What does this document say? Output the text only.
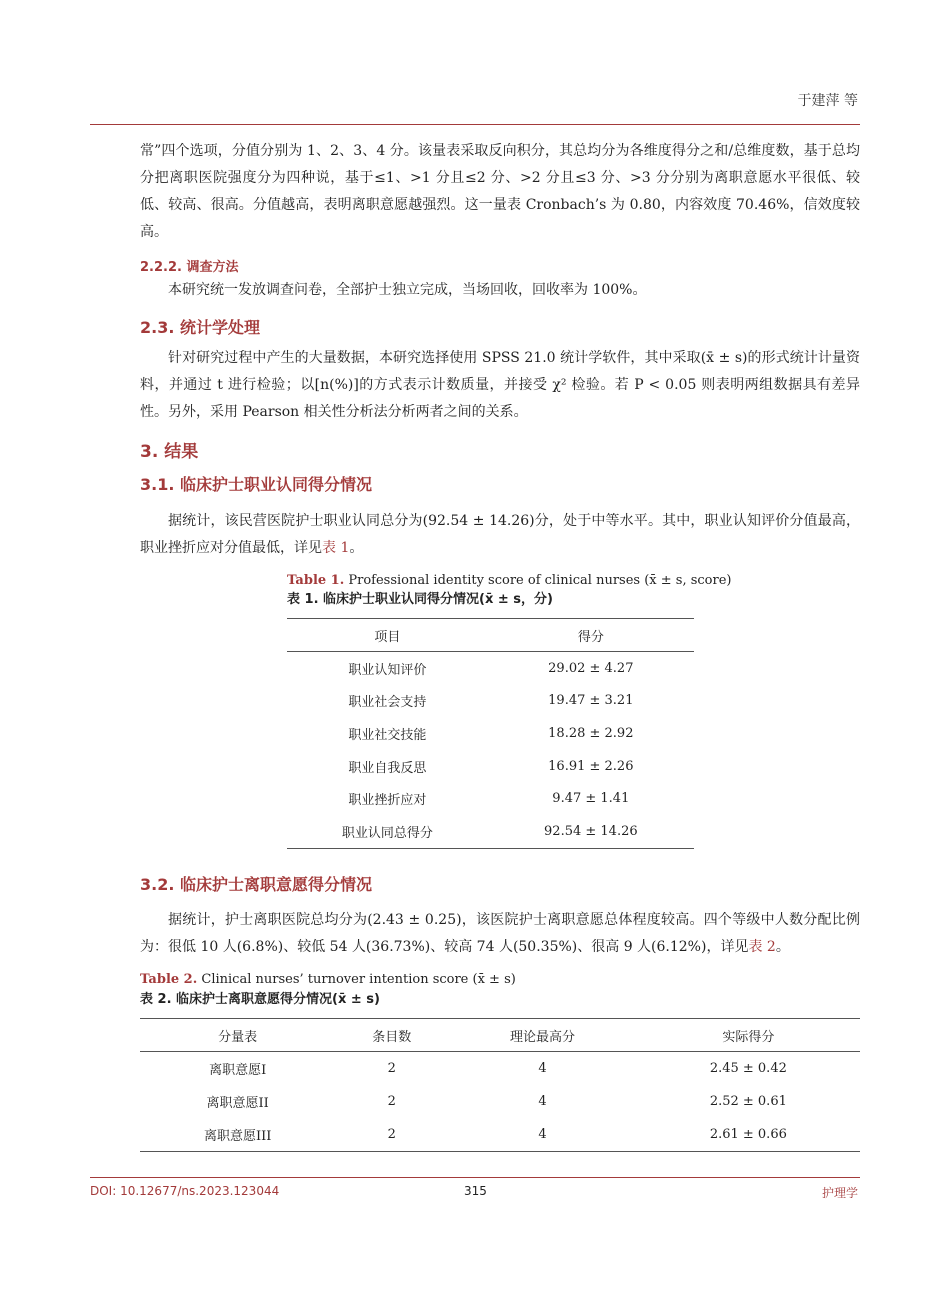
于建萍 等

常”四个选项，分值分别为 1、2、3、4 分。该量表采取反向积分，其总均分为各维度得分之和/总维度数，基于总均分把离职医院强度分为四种说，基于≤1、>1 分且≤2 分、>2 分且≤3 分、>3 分分别为离职意愿水平很低、较低、较高、很高。分值越高，表明离职意愿越强烈。这一量表 Cronbach’s 为 0.80，内容效度 70.46%，信效度较高。

2.2.2. 调查方法

本研究统一发放调查问卷，全部护士独立完成，当场回收，回收率为 100%。

2.3. 统计学处理

针对研究过程中产生的大量数据，本研究选择使用 SPSS 21.0 统计学软件，其中采取(x̄ ± s)的形式统计计量资料，并通过 t 进行检验；以[n(%)]的方式表示计数质量，并接受 χ² 检验。若 P < 0.05 则表明两组数据具有差异性。另外，采用 Pearson 相关性分析法分析两者之间的关系。

3. 结果
3.1. 临床护士职业认同得分情况

据统计，该民营医院护士职业认同总分为(92.54 ± 14.26)分，处于中等水平。其中，职业认知评价分值最高，职业挫折应对分值最低，详见表 1。

Table 1. Professional identity score of clinical nurses (x̄ ± s, score)

表 1. 临床护士职业认同得分情况(x̄ ± s，分)

项目	得分
职业认知评价	29.02 ± 4.27
职业社会支持	19.47 ± 3.21
职业社交技能	18.28 ± 2.92
职业自我反思	16.91 ± 2.26
职业挫折应对	9.47 ± 1.41
职业认同总得分	92.54 ± 14.26
3.2. 临床护士离职意愿得分情况

据统计，护士离职医院总均分为(2.43 ± 0.25)，该医院护士离职意愿总体程度较高。四个等级中人数分配比例为：很低 10 人(6.8%)、较低 54 人(36.73%)、较高 74 人(50.35%)、很高 9 人(6.12%)，详见表 2。

Table 2. Clinical nurses’ turnover intention score (x̄ ± s)

表 2. 临床护士离职意愿得分情况(x̄ ± s)

分量表	条目数	理论最高分	实际得分
离职意愿I	2	4	2.45 ± 0.42
离职意愿II	2	4	2.52 ± 0.61
离职意愿III	2	4	2.61 ± 0.66
DOI: 10.12677/ns.2023.123044	315	护理学
